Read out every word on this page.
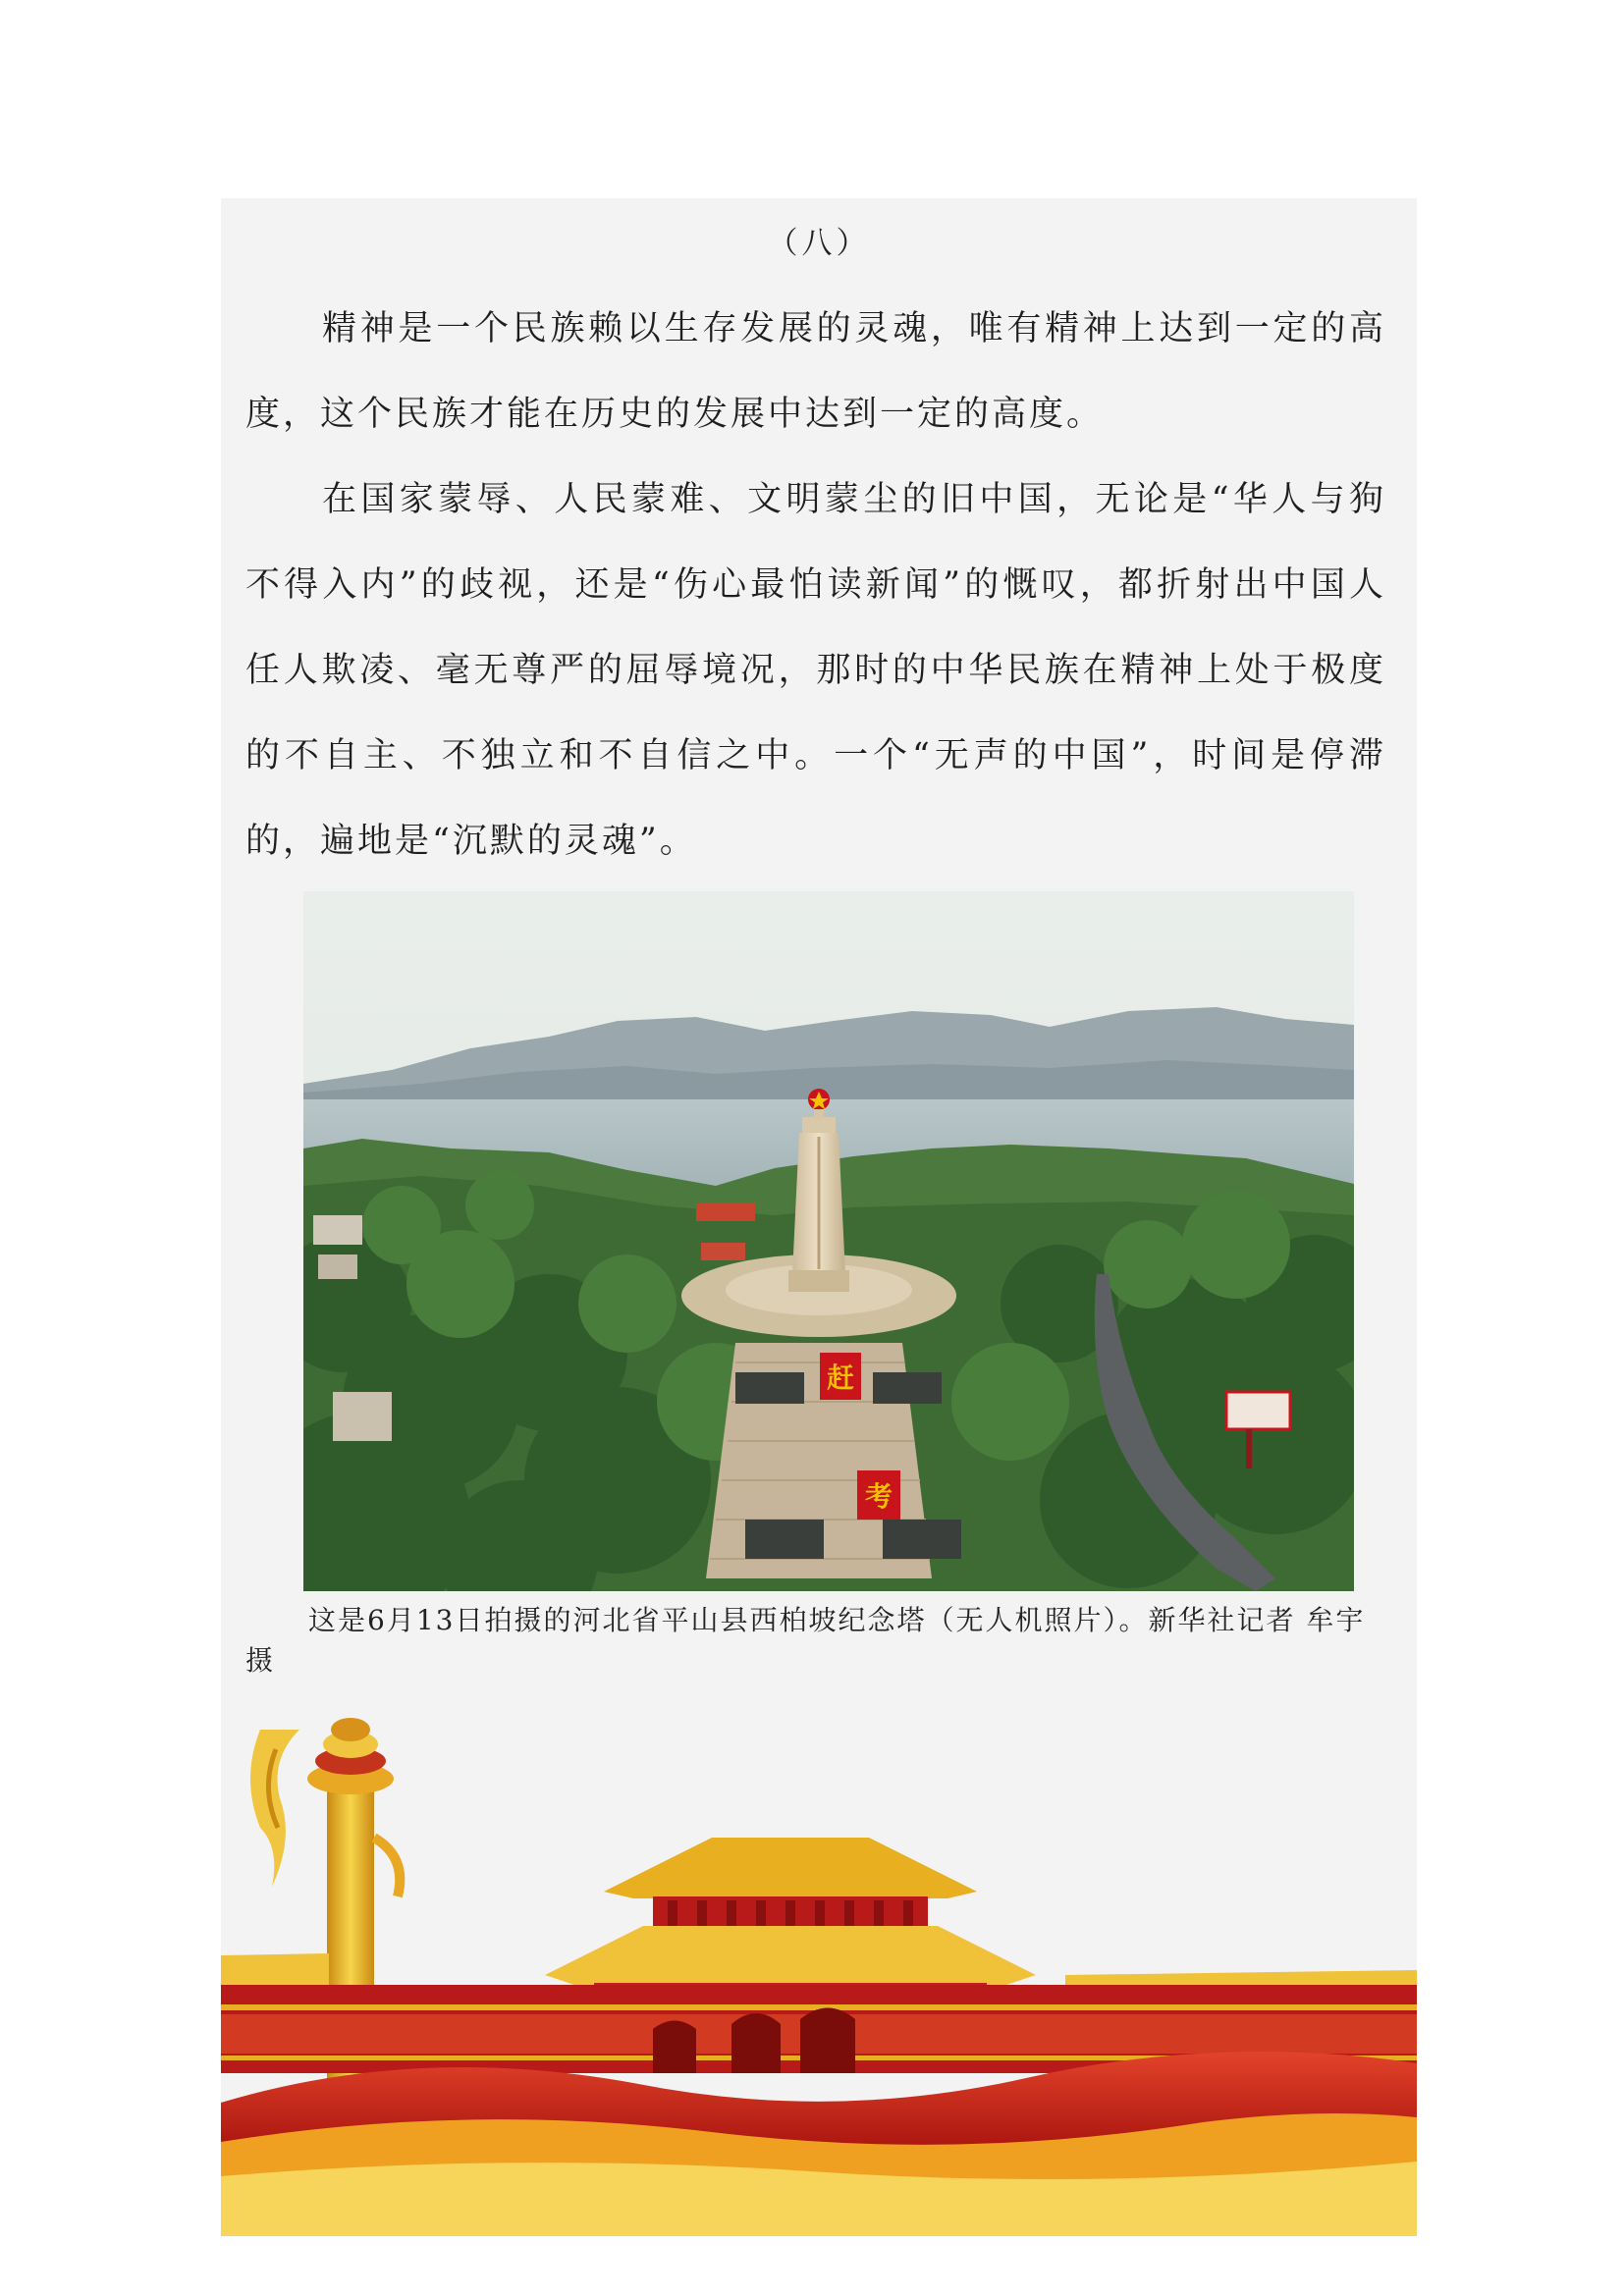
（八）

精神是一个民族赖以生存发展的灵魂，唯有精神上达到一定的高度，这个民族才能在历史的发展中达到一定的高度。

在国家蒙辱、人民蒙难、文明蒙尘的旧中国，无论是“华人与狗不得入内”的歧视，还是“伤心最怕读新闻”的慨叹，都折射出中国人任人欺凌、毫无尊严的屈辱境况，那时的中华民族在精神上处于极度的不自主、不独立和不自信之中。一个“无声的中国”，时间是停滞的，遍地是“沉默的灵魂”。

赶
考

这是6月13日拍摄的河北省平山县西柏坡纪念塔（无人机照片）。新华社记者 牟宇 摄
